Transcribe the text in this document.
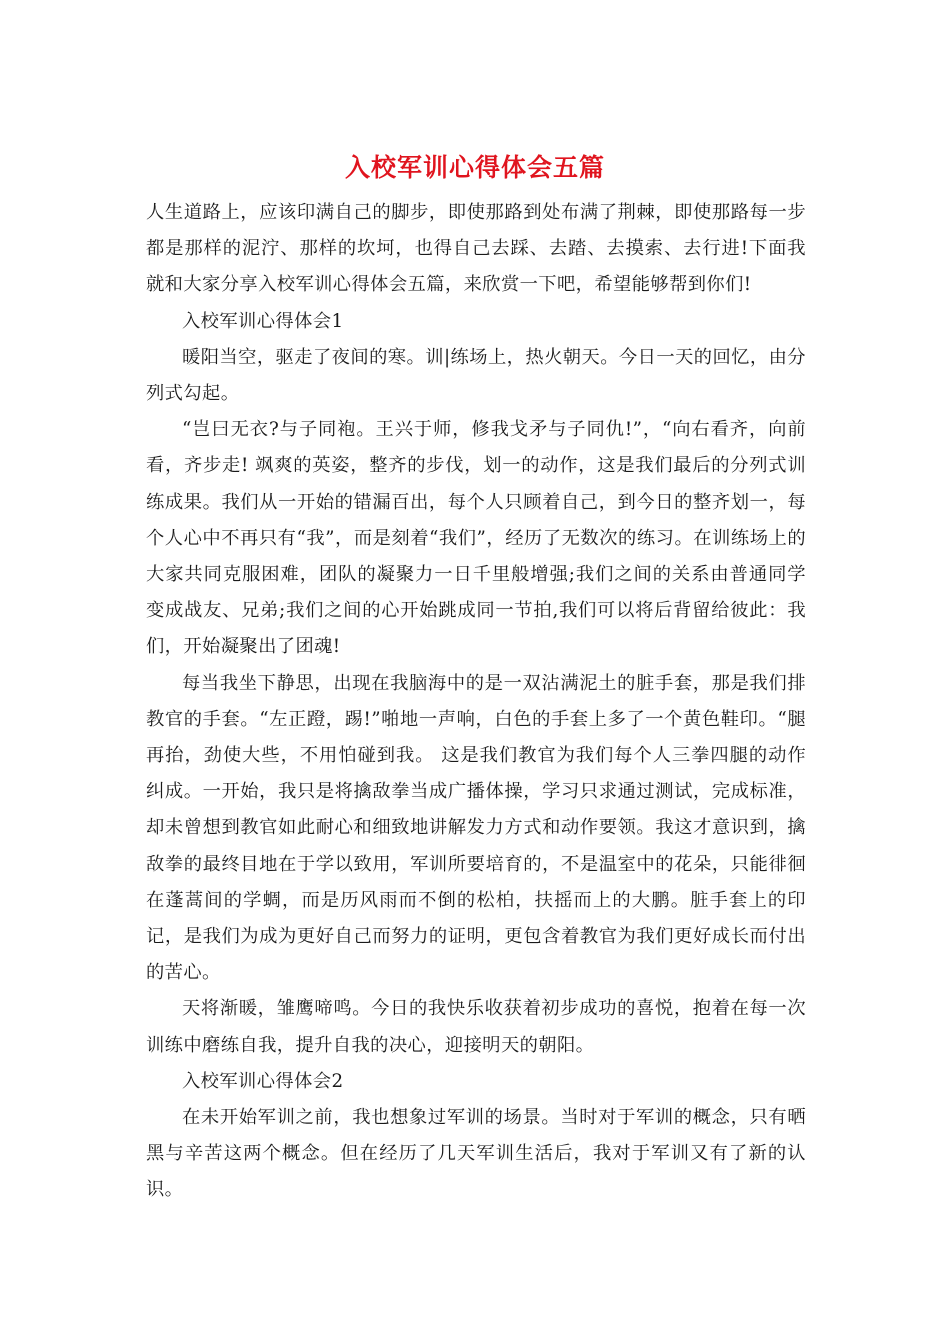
入校军训心得体会五篇

人生道路上，应该印满自己的脚步，即使那路到处布满了荆棘，即使那路每一步都是那样的泥泞、那样的坎坷，也得自己去踩、去踏、去摸索、去行进!下面我就和大家分享入校军训心得体会五篇，来欣赏一下吧，希望能够帮到你们!

入校军训心得体会1

暖阳当空，驱走了夜间的寒。训|练场上，热火朝天。今日一天的回忆，由分列式勾起。

“岂曰无衣?与子同袍。王兴于师，修我戈矛与子同仇!”，“向右看齐，向前看，齐步走! 飒爽的英姿，整齐的步伐，划一的动作，这是我们最后的分列式训练成果。我们从一开始的错漏百出，每个人只顾着自己，到今日的整齐划一，每个人心中不再只有“我”，而是刻着“我们”，经历了无数次的练习。在训练场上的大家共同克服困难，团队的凝聚力一日千里般增强;我们之间的关系由普通同学变成战友、兄弟;我们之间的心开始跳成同一节拍,我们可以将后背留给彼此：我们，开始凝聚出了团魂!

每当我坐下静思，出现在我脑海中的是一双沾满泥土的脏手套，那是我们排教官的手套。“左正蹬，踢!”啪地一声响，白色的手套上多了一个黄色鞋印。“腿再抬，劲使大些，不用怕碰到我。 这是我们教官为我们每个人三拳四腿的动作纠成。一开始，我只是将擒敌拳当成广播体操，学习只求通过测试，完成标准，却未曾想到教官如此耐心和细致地讲解发力方式和动作要领。我这才意识到，擒敌拳的最终目地在于学以致用，军训所要培育的，不是温室中的花朵，只能徘徊在蓬蒿间的学蜩，而是历风雨而不倒的松柏，扶摇而上的大鹏。脏手套上的印记，是我们为成为更好自己而努力的证明，更包含着教官为我们更好成长而付出的苦心。

天将渐暖，雏鹰啼鸣。今日的我快乐收获着初步成功的喜悦，抱着在每一次训练中磨练自我，提升自我的决心，迎接明天的朝阳。

入校军训心得体会2

在未开始军训之前，我也想象过军训的场景。当时对于军训的概念，只有晒黑与辛苦这两个概念。但在经历了几天军训生活后，我对于军训又有了新的认识。
